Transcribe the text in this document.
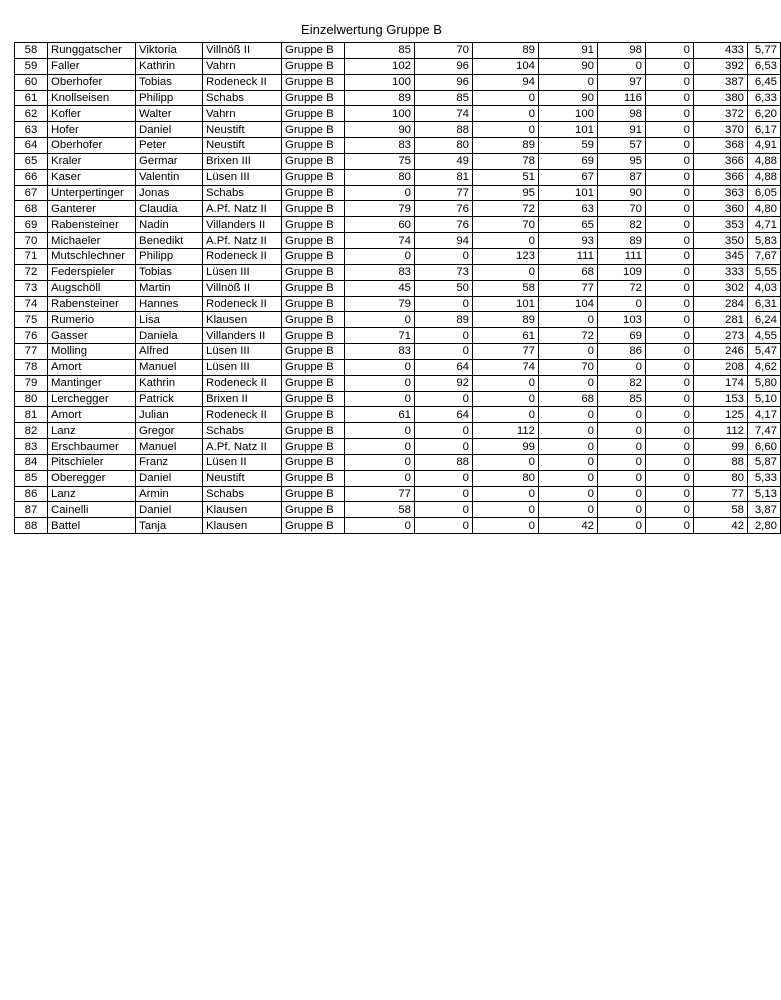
Einzelwertung Gruppe B
58	Runggatscher	Viktoria	Villnöß II	Gruppe B	85	70	89	91	98	0	433	5,77
59	Faller	Kathrin	Vahrn	Gruppe B	102	96	104	90	0	0	392	6,53
60	Oberhofer	Tobias	Rodeneck II	Gruppe B	100	96	94	0	97	0	387	6,45
61	Knollseisen	Philipp	Schabs	Gruppe B	89	85	0	90	116	0	380	6,33
62	Kofler	Walter	Vahrn	Gruppe B	100	74	0	100	98	0	372	6,20
63	Hofer	Daniel	Neustift	Gruppe B	90	88	0	101	91	0	370	6,17
64	Oberhofer	Peter	Neustift	Gruppe B	83	80	89	59	57	0	368	4,91
65	Kraler	Germar	Brixen III	Gruppe B	75	49	78	69	95	0	366	4,88
66	Kaser	Valentin	Lüsen III	Gruppe B	80	81	51	67	87	0	366	4,88
67	Unterpertinger	Jonas	Schabs	Gruppe B	0	77	95	101	90	0	363	6,05
68	Ganterer	Claudia	A.Pf. Natz II	Gruppe B	79	76	72	63	70	0	360	4,80
69	Rabensteiner	Nadin	Villanders II	Gruppe B	60	76	70	65	82	0	353	4,71
70	Michaeler	Benedikt	A.Pf. Natz II	Gruppe B	74	94	0	93	89	0	350	5,83
71	Mutschlechner	Philipp	Rodeneck II	Gruppe B	0	0	123	111	111	0	345	7,67
72	Federspieler	Tobias	Lüsen III	Gruppe B	83	73	0	68	109	0	333	5,55
73	Augschöll	Martin	Villnöß II	Gruppe B	45	50	58	77	72	0	302	4,03
74	Rabensteiner	Hannes	Rodeneck II	Gruppe B	79	0	101	104	0	0	284	6,31
75	Rumerio	Lisa	Klausen	Gruppe B	0	89	89	0	103	0	281	6,24
76	Gasser	Daniela	Villanders II	Gruppe B	71	0	61	72	69	0	273	4,55
77	Molling	Alfred	Lüsen III	Gruppe B	83	0	77	0	86	0	246	5,47
78	Amort	Manuel	Lüsen III	Gruppe B	0	64	74	70	0	0	208	4,62
79	Mantinger	Kathrin	Rodeneck II	Gruppe B	0	92	0	0	82	0	174	5,80
80	Lerchegger	Patrick	Brixen II	Gruppe B	0	0	0	68	85	0	153	5,10
81	Amort	Julian	Rodeneck II	Gruppe B	61	64	0	0	0	0	125	4,17
82	Lanz	Gregor	Schabs	Gruppe B	0	0	112	0	0	0	112	7,47
83	Erschbaumer	Manuel	A.Pf. Natz II	Gruppe B	0	0	99	0	0	0	99	6,60
84	Pitschieler	Franz	Lüsen II	Gruppe B	0	88	0	0	0	0	88	5,87
85	Oberegger	Daniel	Neustift	Gruppe B	0	0	80	0	0	0	80	5,33
86	Lanz	Armin	Schabs	Gruppe B	77	0	0	0	0	0	77	5,13
87	Cainelli	Daniel	Klausen	Gruppe B	58	0	0	0	0	0	58	3,87
88	Battel	Tanja	Klausen	Gruppe B	0	0	0	42	0	0	42	2,80
